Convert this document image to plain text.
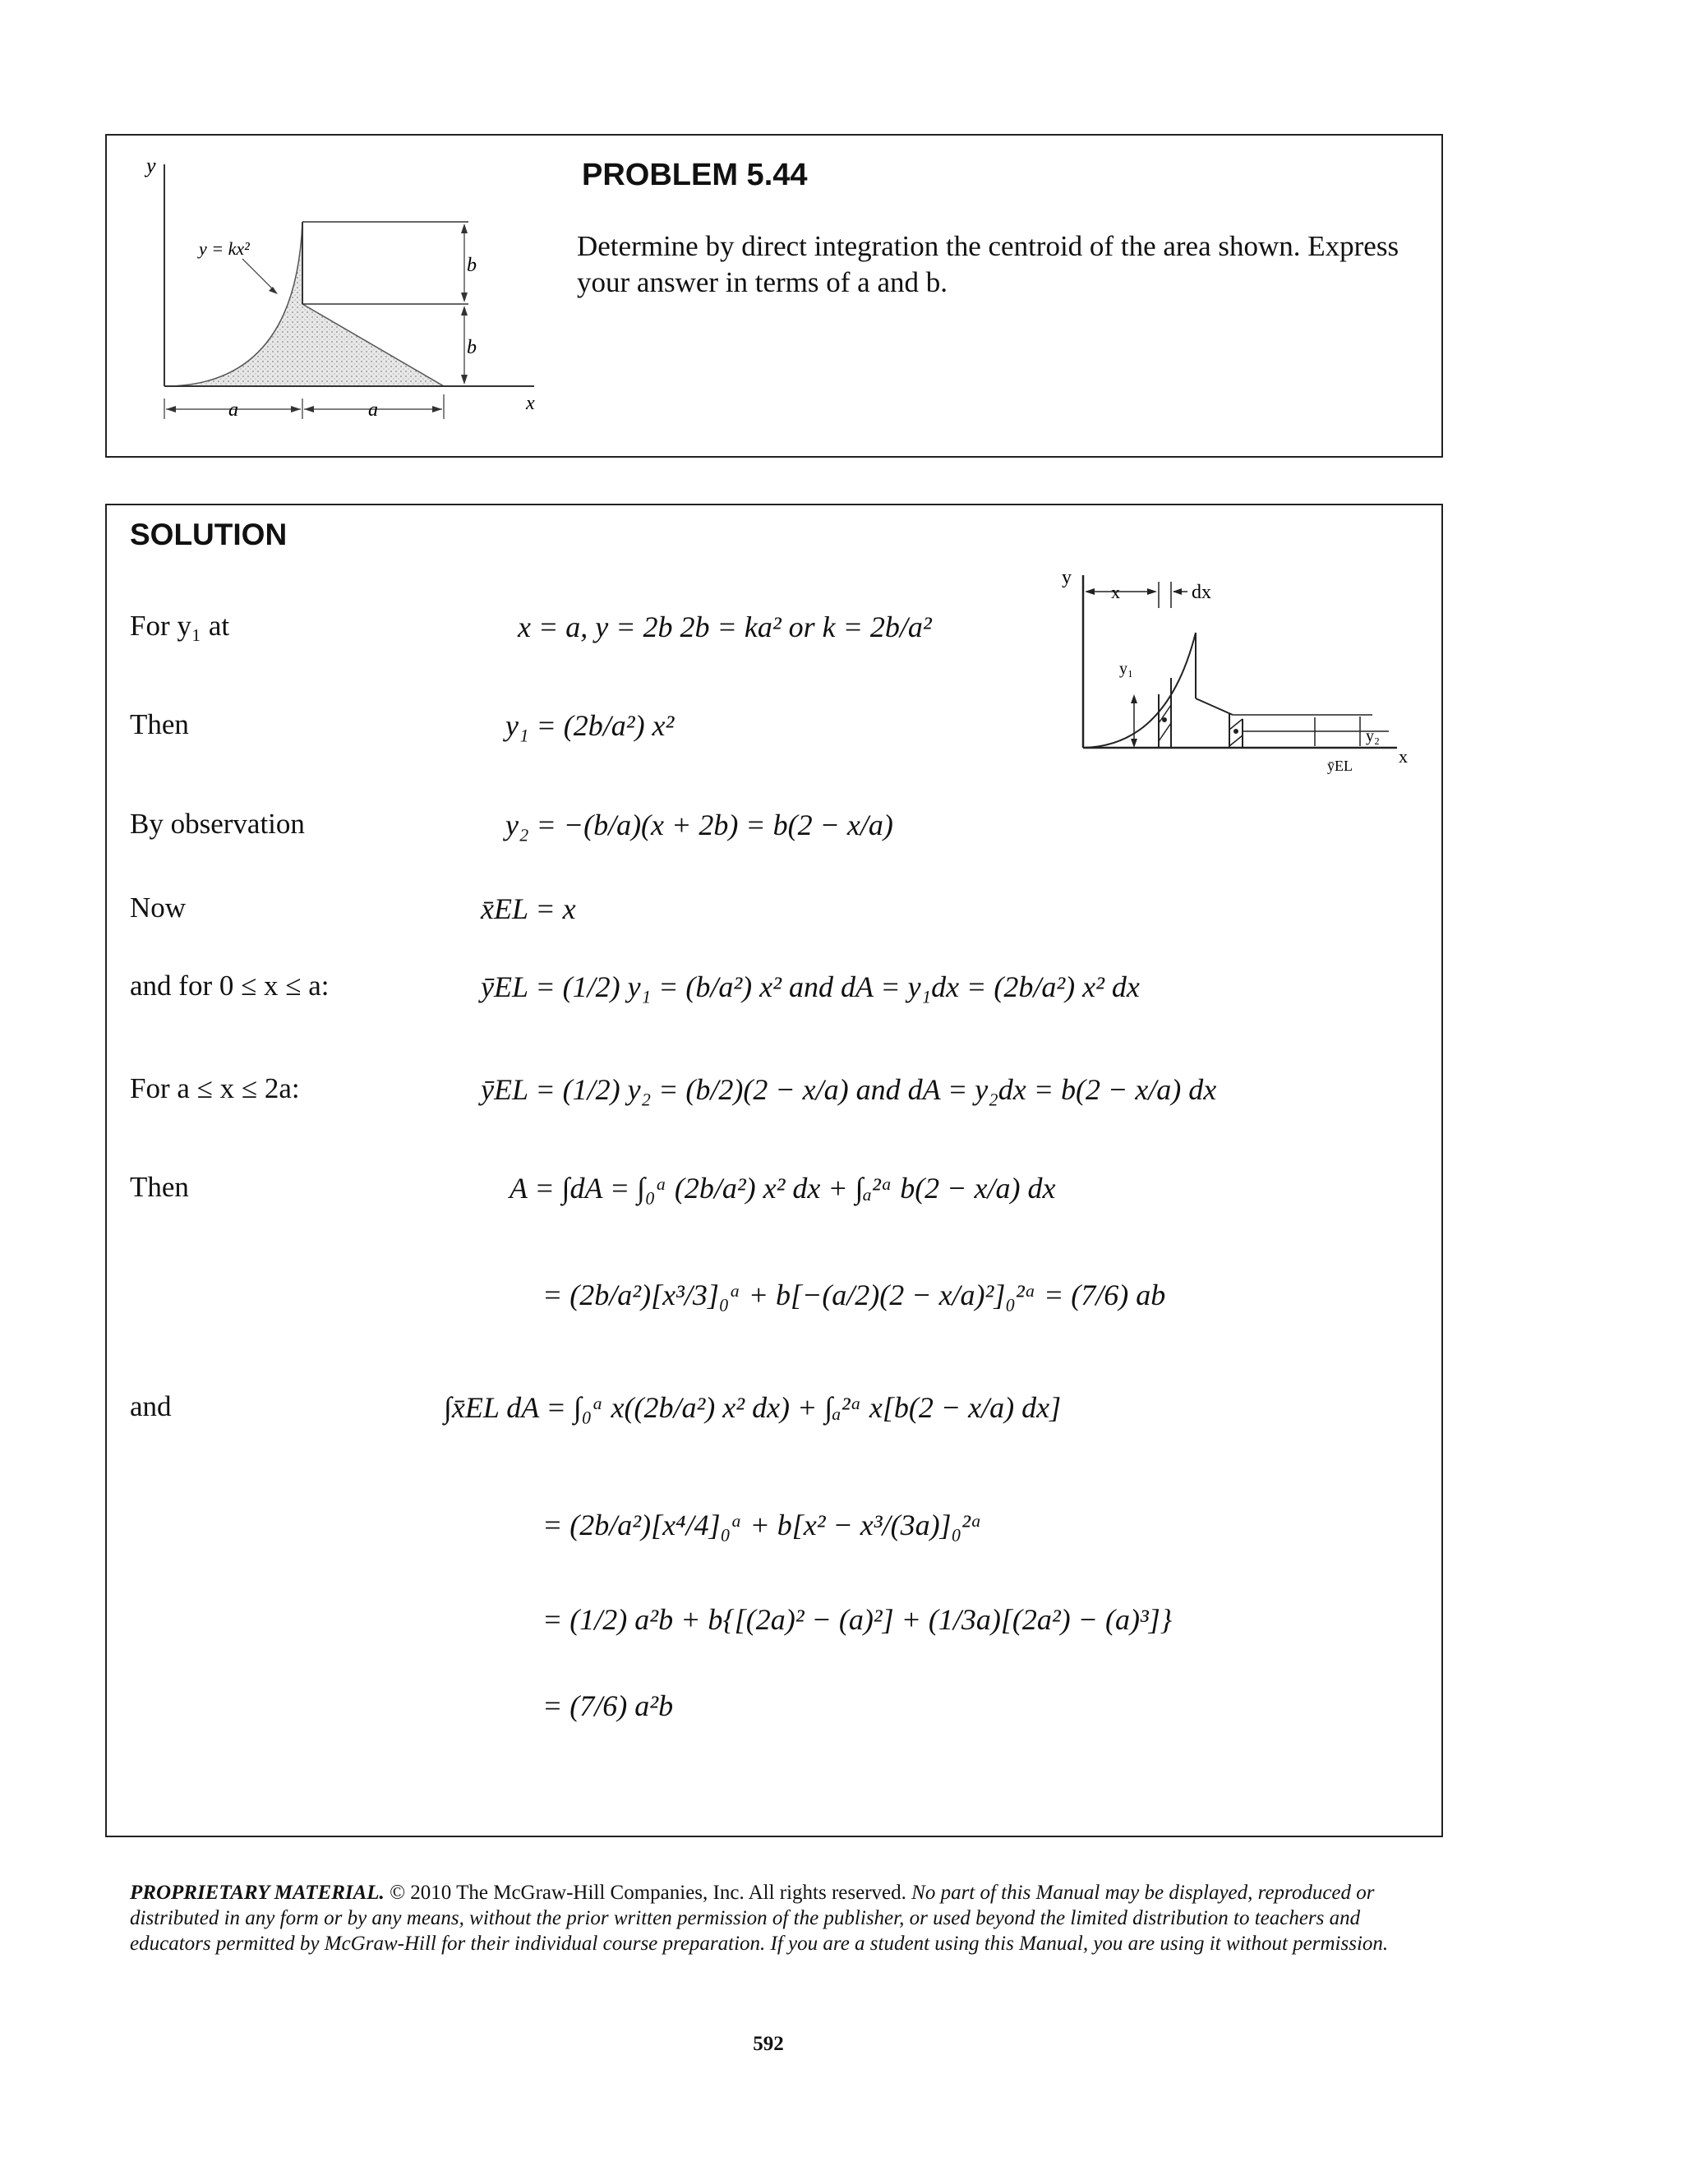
y
x
y = kx²
b
b
a	a
PROBLEM 5.44
Determine by direct integration the centroid of the area shown. Express your answer in terms of a and b.
SOLUTION
y
x	dx
y₁
y₂
ȳEL	x
For y₁ at
Then
By observation
Now
and for 0 ≤ x ≤ a:
For a ≤ x ≤ 2a:
Then
and
x = a, y = 2b 2b = ka² or k = 2b/a²
y₁ = (2b/a²) x²
y₂ = −(b/a)(x + 2b) = b(2 − x/a)
x̄EL = x
ȳEL = (1/2) y₁ = (b/a²) x² and dA = y₁dx = (2b/a²) x² dx
ȳEL = (1/2) y₂ = (b/2)(2 − x/a) and dA = y₂dx = b(2 − x/a) dx
A = ∫dA = ∫₀ᵃ (2b/a²) x² dx + ∫ₐ²ᵃ b(2 − x/a) dx
= (2b/a²)[x³/3]₀ᵃ + b[−(a/2)(2 − x/a)²]₀²ᵃ = (7/6) ab
∫x̄EL dA = ∫₀ᵃ x((2b/a²) x² dx) + ∫ₐ²ᵃ x[b(2 − x/a) dx]
= (2b/a²)[x⁴/4]₀ᵃ + b[x² − x³/(3a)]₀²ᵃ
= (1/2) a²b + b{[(2a)² − (a)²] + (1/3a)[(2a²) − (a)³]}
= (7/6) a²b
PROPRIETARY MATERIAL. © 2010 The McGraw-Hill Companies, Inc. All rights reserved. No part of this Manual may be displayed, reproduced or distributed in any form or by any means, without the prior written permission of the publisher, or used beyond the limited distribution to teachers and educators permitted by McGraw-Hill for their individual course preparation. If you are a student using this Manual, you are using it without permission.
592
